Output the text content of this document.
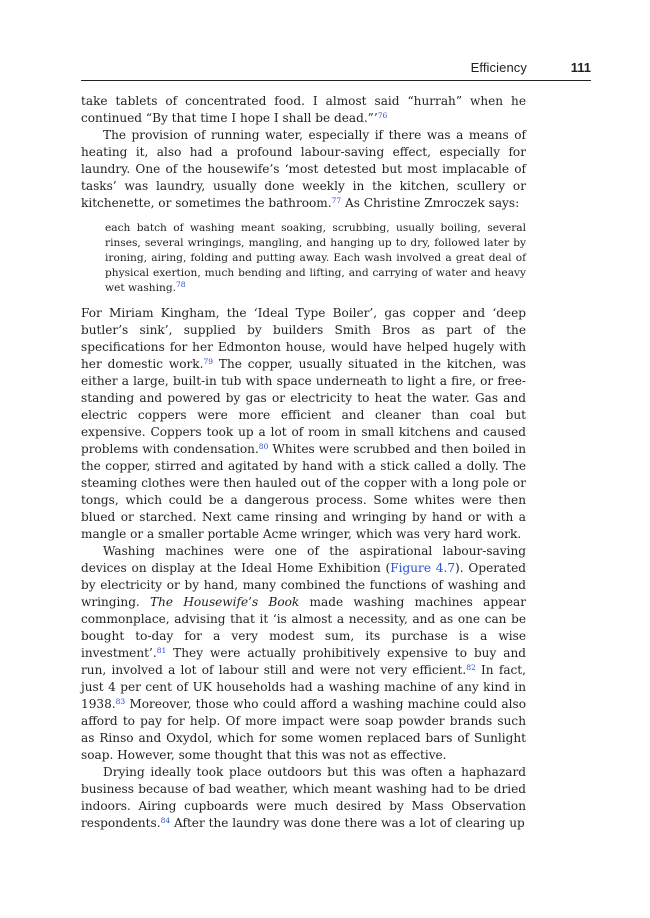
Efficiency	111

take tablets of concentrated food. I almost said “hurrah” when he continued “By that time I hope I shall be dead.”’$^{76}$

The provision of running water, especially if there was a means of heating it, also had a profound labour-saving effect, especially for laundry. One of the housewife’s ‘most detested but most implacable of tasks’ was laundry, usually done weekly in the kitchen, scullery or kitchenette, or sometimes the bathroom.$^{77}$ As Christine Zmroczek says:

each batch of washing meant soaking, scrubbing, usually boiling, several rinses, several wringings, mangling, and hanging up to dry, followed later by ironing, airing, folding and putting away. Each wash involved a great deal of physical exertion, much bending and lifting, and carrying of water and heavy wet washing.$^{78}$

For Miriam Kingham, the ‘Ideal Type Boiler’, gas copper and ‘deep butler’s sink’, supplied by builders Smith Bros as part of the specifications for her Edmonton house, would have helped hugely with her domestic work.$^{79}$ The copper, usually situated in the kitchen, was either a large, built-in tub with space underneath to light a fire, or free-standing and powered by gas or electricity to heat the water. Gas and electric coppers were more efficient and cleaner than coal but expensive. Coppers took up a lot of room in small kitchens and caused problems with condensation.$^{80}$ Whites were scrubbed and then boiled in the copper, stirred and agitated by hand with a stick called a dolly. The steaming clothes were then hauled out of the copper with a long pole or tongs, which could be a dangerous process. Some whites were then blued or starched. Next came rinsing and wringing by hand or with a mangle or a smaller portable Acme wringer, which was very hard work.

Washing machines were one of the aspirational labour-saving devices on display at the Ideal Home Exhibition (Figure 4.7). Operated by electricity or by hand, many combined the functions of washing and wringing. The Housewife’s Book made washing machines appear commonplace, advising that it ‘is almost a necessity, and as one can be bought to-day for a very modest sum, its purchase is a wise investment’.$^{81}$ They were actually prohibitively expensive to buy and run, involved a lot of labour still and were not very efficient.$^{82}$ In fact, just 4 per cent of UK households had a washing machine of any kind in 1938.83 Moreover, those who could afford a washing machine could also afford to pay for help. Of more impact were soap powder brands such as Rinso and Oxydol, which for some women replaced bars of Sunlight soap. However, some thought that this was not as effective.

Drying ideally took place outdoors but this was often a haphazard business because of bad weather, which meant washing had to be dried indoors. Airing cupboards were much desired by Mass Observation respondents.$^{84}$ After the laundry was done there was a lot of clearing up
